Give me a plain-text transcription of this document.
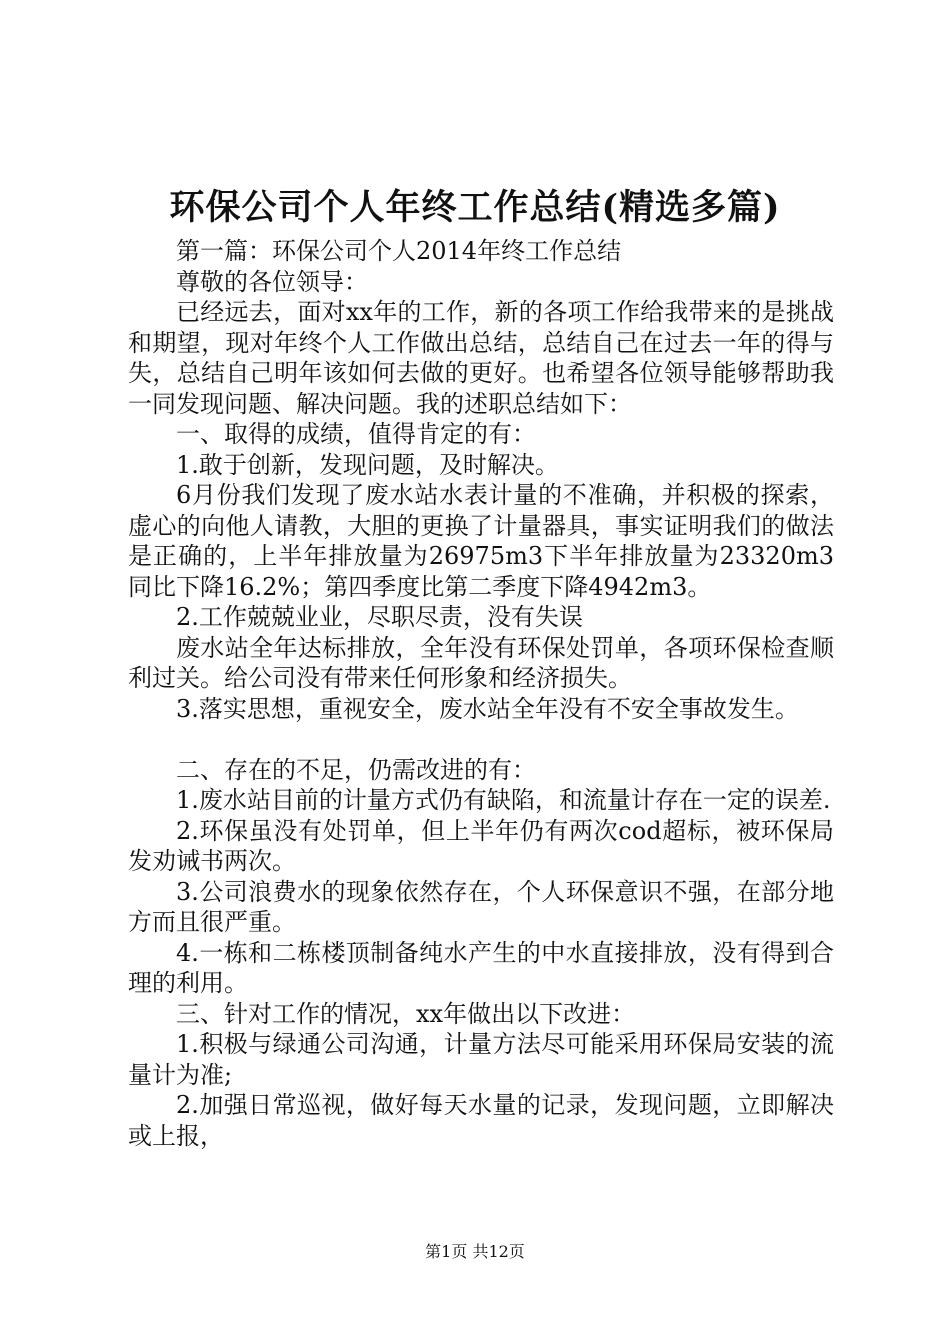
环保公司个人年终工作总结(精选多篇)

第一篇：环保公司个人2014年终工作总结

尊敬的各位领导：

已经远去，面对xx年的工作，新的各项工作给我带来的是挑战和期望，现对年终个人工作做出总结，总结自己在过去一年的得与失，总结自己明年该如何去做的更好。也希望各位领导能够帮助我一同发现问题、解决问题。我的述职总结如下：

一、取得的成绩，值得肯定的有：

1.敢于创新，发现问题，及时解决。

6月份我们发现了废水站水表计量的不准确，并积极的探索，虚心的向他人请教，大胆的更换了计量器具，事实证明我们的做法是正确的，上半年排放量为26975m3下半年排放量为23320m3同比下降16.2%；第四季度比第二季度下降4942m3。

2.工作兢兢业业，尽职尽责，没有失误

废水站全年达标排放，全年没有环保处罚单，各项环保检查顺利过关。给公司没有带来任何形象和经济损失。

3.落实思想，重视安全，废水站全年没有不安全事故发生。

二、存在的不足，仍需改进的有：

1.废水站目前的计量方式仍有缺陷，和流量计存在一定的误差.

2.环保虽没有处罚单，但上半年仍有两次cod超标，被环保局发劝诫书两次。

3.公司浪费水的现象依然存在，个人环保意识不强，在部分地方而且很严重。

4.一栋和二栋楼顶制备纯水产生的中水直接排放，没有得到合理的利用。

三、针对工作的情况，xx年做出以下改进：

1.积极与绿通公司沟通，计量方法尽可能采用环保局安装的流量计为准;

2.加强日常巡视，做好每天水量的记录，发现问题，立即解决或上报，

第1页 共12页
